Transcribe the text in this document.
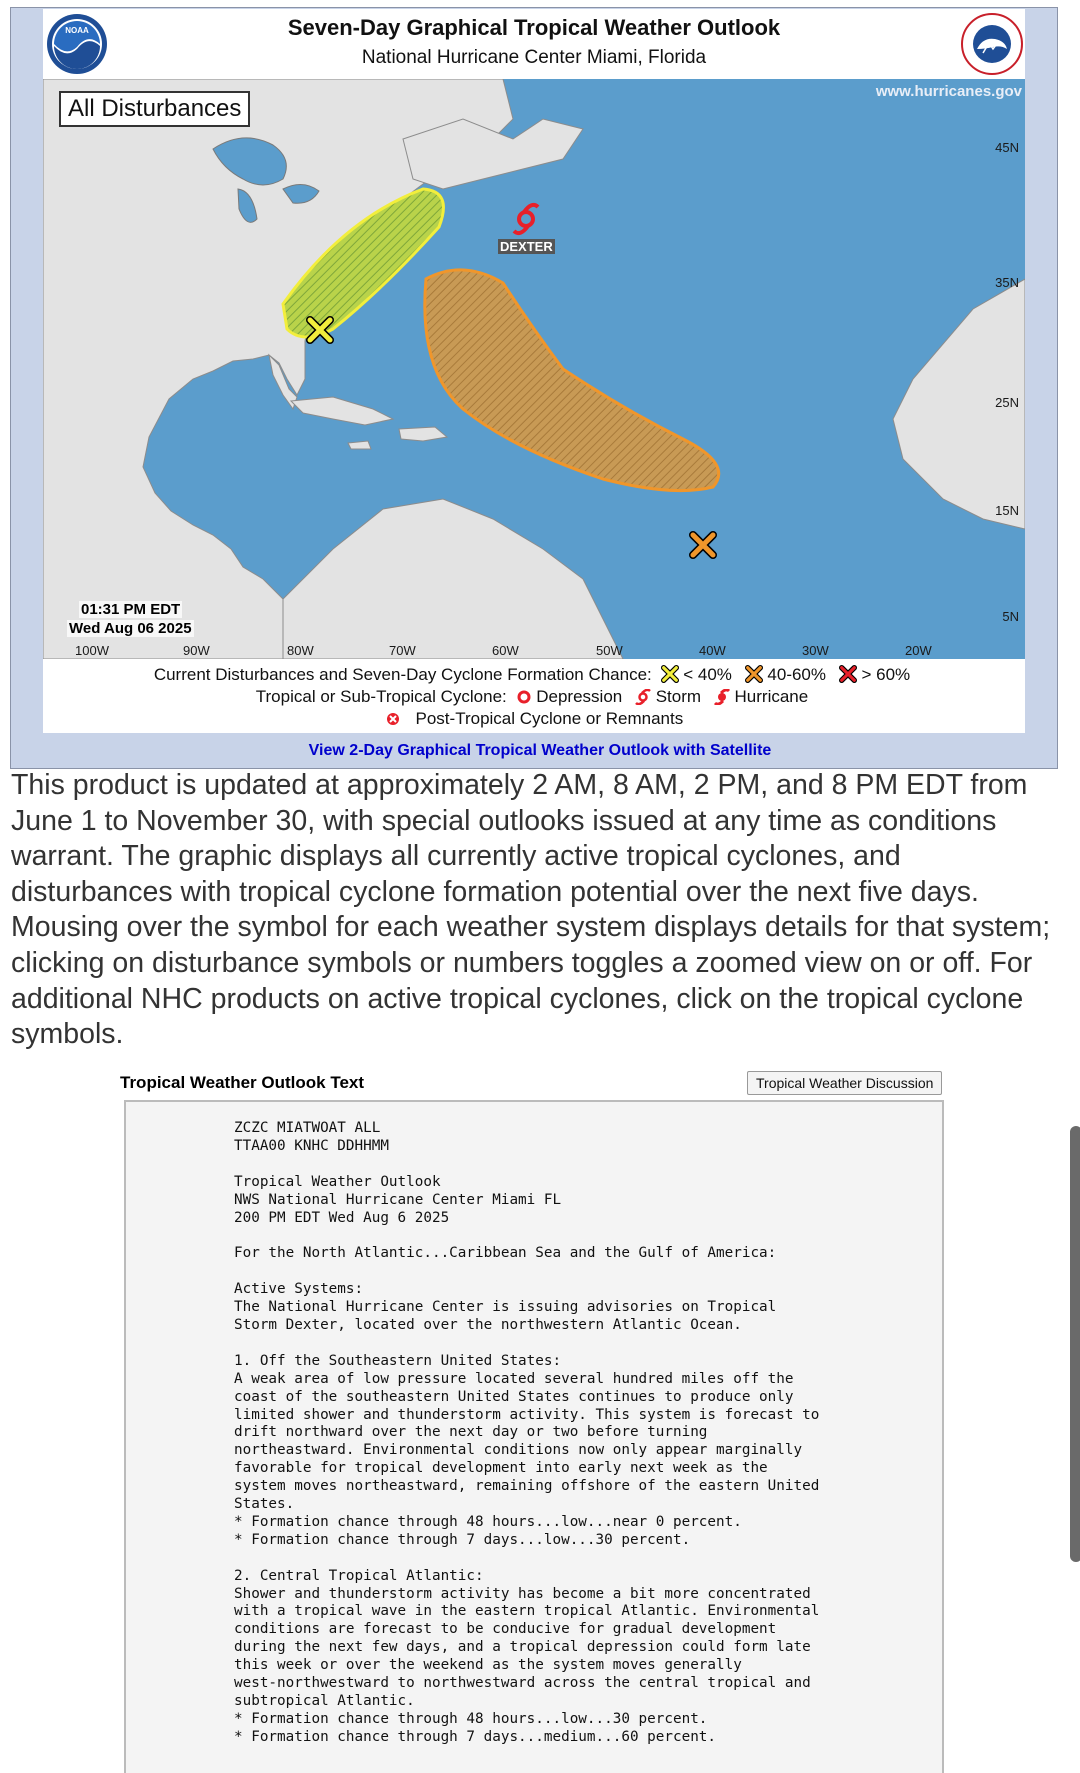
NOAA	Seven-Day Graphical Tropical Weather Outlook
National Hurricane Center Miami, Florida
All Disturbances
www.hurricanes.gov
DEXTER
45N
35N
25N
15N
5N
100W	90W	80W	70W	60W	50W	40W	30W	20W
01:31 PM EDT
Wed Aug 06 2025
Current Disturbances and Seven-Day Cyclone Formation Chance: < 40% 40-60% > 60%
Tropical or Sub-Tropical Cyclone: Depression Storm Hurricane
Post-Tropical Cyclone or Remnants
View 2-Day Graphical Tropical Weather Outlook with Satellite
This product is updated at approximately 2 AM, 8 AM, 2 PM, and 8 PM EDT from June 1 to November 30, with special outlooks issued at any time as conditions warrant. The graphic displays all currently active tropical cyclones, and disturbances with tropical cyclone formation potential over the next five days. Mousing over the symbol for each weather system displays details for that system; clicking on disturbance symbols or numbers toggles a zoomed view on or off. For additional NHC products on active tropical cyclones, click on the tropical cyclone symbols.
Tropical Weather Outlook Text	Tropical Weather Discussion
ZCZC MIATWOAT ALL
TTAA00 KNHC DDHHMM

Tropical Weather Outlook
NWS National Hurricane Center Miami FL
200 PM EDT Wed Aug 6 2025

For the North Atlantic...Caribbean Sea and the Gulf of America:

Active Systems:
The National Hurricane Center is issuing advisories on Tropical
Storm Dexter, located over the northwestern Atlantic Ocean.

1. Off the Southeastern United States:
A weak area of low pressure located several hundred miles off the
coast of the southeastern United States continues to produce only
limited shower and thunderstorm activity. This system is forecast to
drift northward over the next day or two before turning
northeastward. Environmental conditions now only appear marginally
favorable for tropical development into early next week as the
system moves northeastward, remaining offshore of the eastern United
States.
* Formation chance through 48 hours...low...near 0 percent.
* Formation chance through 7 days...low...30 percent.

2. Central Tropical Atlantic:
Shower and thunderstorm activity has become a bit more concentrated
with a tropical wave in the eastern tropical Atlantic. Environmental
conditions are forecast to be conducive for gradual development
during the next few days, and a tropical depression could form late
this week or over the weekend as the system moves generally
west-northwestward to northwestward across the central tropical and
subtropical Atlantic.
* Formation chance through 48 hours...low...30 percent.
* Formation chance through 7 days...medium...60 percent.
